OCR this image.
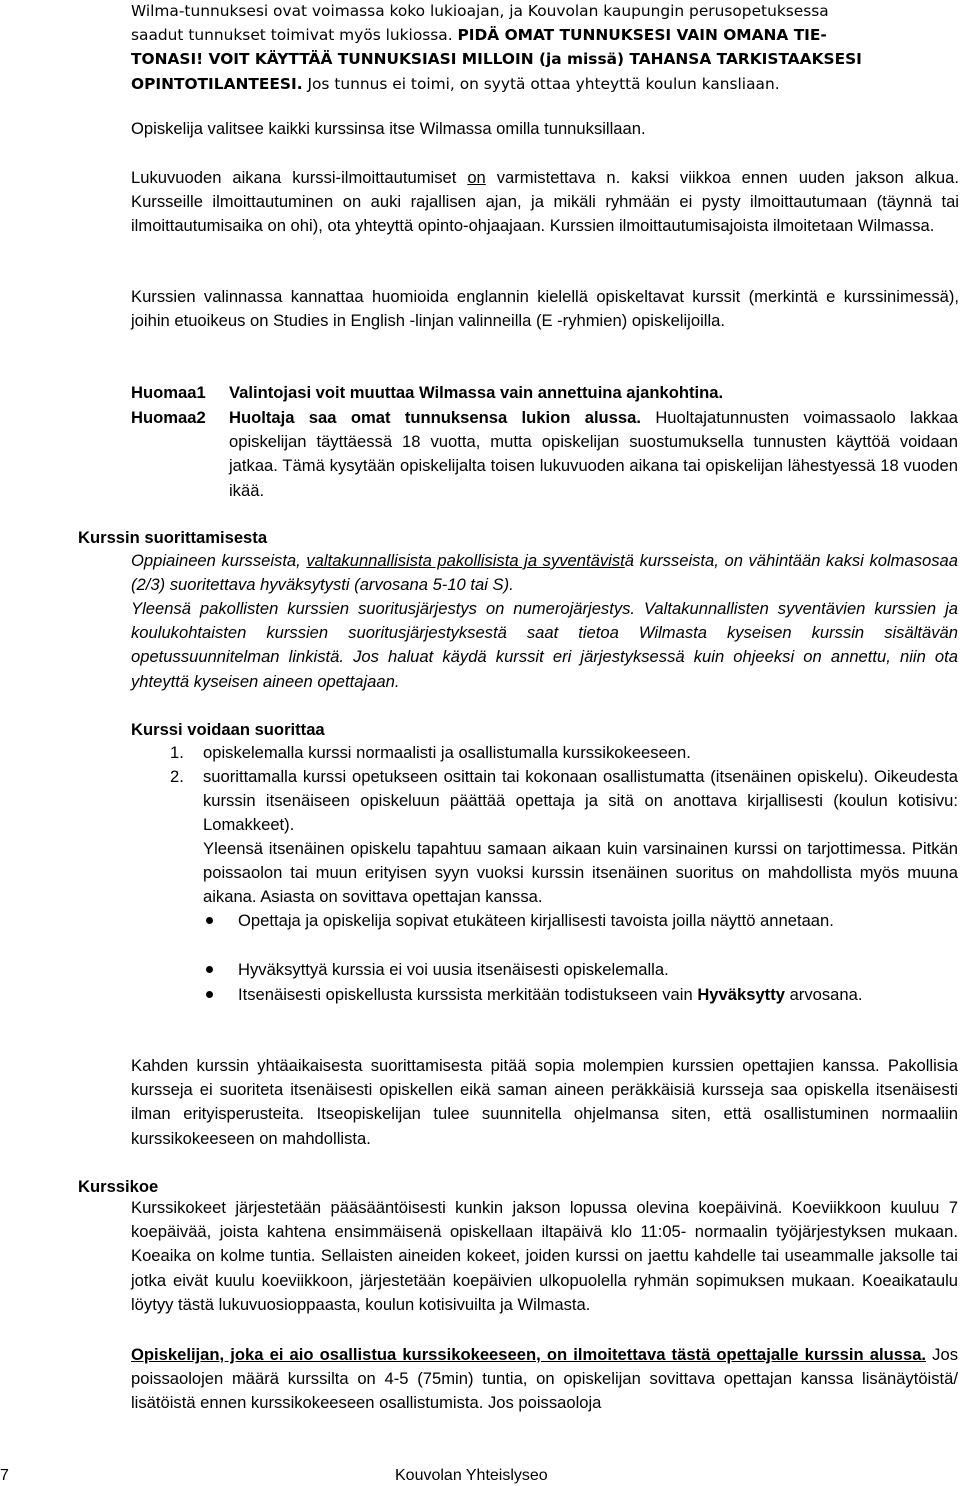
Wilma-tunnuksesi ovat voimassa koko lukioajan, ja Kouvolan kaupungin perusopetuksessa
saadut tunnukset toimivat myös lukiossa. PIDÄ OMAT TUNNUKSESI VAIN OMANA TIE-
TONASI! VOIT KÄYTTÄÄ TUNNUKSIASI MILLOIN (ja missä) TAHANSA TARKISTAAKSESI
OPINTOTILANTEESI. Jos tunnus ei toimi, on syytä ottaa yhteyttä koulun kansliaan.

Opiskelija valitsee kaikki kurssinsa itse Wilmassa omilla tunnuksillaan.

Lukuvuoden aikana kurssi-ilmoittautumiset on varmistettava n. kaksi viikkoa ennen uuden jakson alkua. Kursseille ilmoittautuminen on auki rajallisen ajan, ja mikäli ryhmään ei pysty ilmoittautumaan (täynnä tai ilmoittautumisaika on ohi), ota yhteyttä opinto-ohjaajaan. Kurssien ilmoittautumisajoista ilmoitetaan Wilmassa.

Kurssien valinnassa kannattaa huomioida englannin kielellä opiskeltavat kurssit (merkintä e kurssinimessä), joihin etuoikeus on Studies in English -linjan valinneilla (E -ryhmien) opiskelijoilla.

Huomaa1 Valintojasi voit muuttaa Wilmassa vain annettuina ajankohtina.
Huomaa2 Huoltaja saa omat tunnuksensa lukion alussa. Huoltajatunnusten voimassaolo lakkaa opiskelijan täyttäessä 18 vuotta, mutta opiskelijan suostumuksella tunnusten käyttöä voidaan jatkaa. Tämä kysytään opiskelijalta toisen lukuvuoden aikana tai opiskelijan lähestyessä 18 vuoden ikää.

Kurssin suorittamisesta

Oppiaineen kursseista, valtakunnallisista pakollisista ja syventävistä kursseista, on vähintään kaksi kolmasosaa (2/3) suoritettava hyväksytysti (arvosana 5-10 tai S).

Yleensä pakollisten kurssien suoritusjärjestys on numerojärjestys. Valtakunnallisten syventävien kurssien ja koulukohtaisten kurssien suoritusjärjestyksestä saat tietoa Wilmasta kyseisen kurssin sisältävän opetussuunnitelman linkistä. Jos haluat käydä kurssit eri järjestyksessä kuin ohjeeksi on annettu, niin ota yhteyttä kyseisen aineen opettajaan.

Kurssi voidaan suorittaa
1. opiskelemalla kurssi normaalisti ja osallistumalla kurssikokeeseen.

2. suorittamalla kurssi opetukseen osittain tai kokonaan osallistumatta (itsenäinen opiskelu). Oikeudesta kurssin itsenäiseen opiskeluun päättää opettaja ja sitä on anottava kirjallisesti (koulun kotisivu: Lomakkeet).

Yleensä itsenäinen opiskelu tapahtuu samaan aikaan kuin varsinainen kurssi on tarjottimessa. Pitkän poissaolon tai muun erityisen syyn vuoksi kurssin itsenäinen suoritus on mahdollista myös muuna aikana. Asiasta on sovittava opettajan kanssa.

Opettaja ja opiskelija sopivat etukäteen kirjallisesti tavoista joilla näyttö annetaan.

Hyväksyttyä kurssia ei voi uusia itsenäisesti opiskelemalla.

Itsenäisesti opiskellusta kurssista merkitään todistukseen vain Hyväksytty arvosana.

Kahden kurssin yhtäaikaisesta suorittamisesta pitää sopia molempien kurssien opettajien kanssa. Pakollisia kursseja ei suoriteta itsenäisesti opiskellen eikä saman aineen peräkkäisiä kursseja saa opiskella itsenäisesti ilman erityisperusteita. Itseopiskelijan tulee suunnitella ohjelmansa siten, että osallistuminen normaaliin kurssikokeeseen on mahdollista.

Kurssikoe

Kurssikokeet järjestetään pääsääntöisesti kunkin jakson lopussa olevina koepäivinä. Koeviikkoon kuuluu 7 koepäivää, joista kahtena ensimmäisenä opiskellaan iltapäivä klo 11:05- normaalin työjärjestyksen mukaan. Koeaika on kolme tuntia. Sellaisten aineiden kokeet, joiden kurssi on jaettu kahdelle tai useammalle jaksolle tai jotka eivät kuulu koeviikkoon, järjestetään koepäivien ulkopuolella ryhmän sopimuksen mukaan. Koeaikataulu löytyy tästä lukuvuosioppaasta, koulun kotisivuilta ja Wilmasta.

Opiskelijan, joka ei aio osallistua kurssikokeeseen, on ilmoitettava tästä opettajalle kurssin alussa. Jos poissaolojen määrä kurssilta on 4-5 (75min) tuntia, on opiskelijan sovittava opettajan kanssa lisänäytöistä/ lisätöistä ennen kurssikokeeseen osallistumista. Jos poissaoloja

7	Kouvolan Yhteislyseo
